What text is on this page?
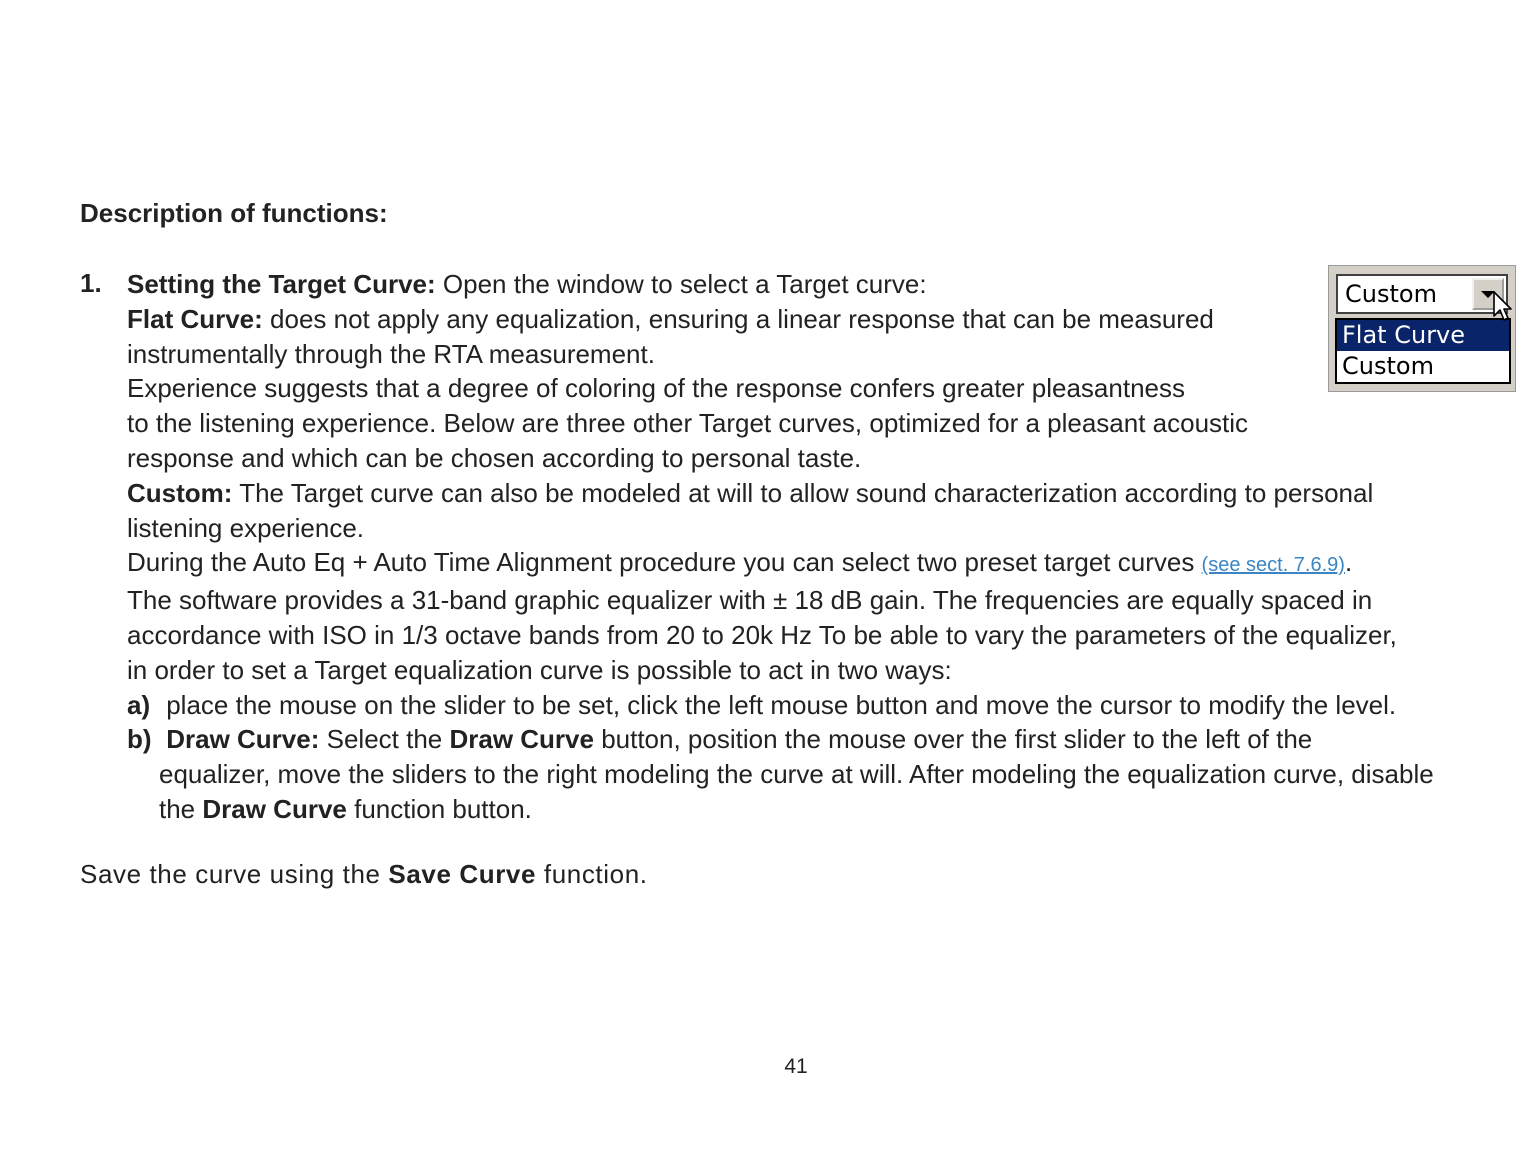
Description of functions:
1. Setting the Target Curve: Open the window to select a Target curve:
Flat Curve: does not apply any equalization, ensuring a linear response that can be measured
instrumentally through the RTA measurement.
Experience suggests that a degree of coloring of the response confers greater pleasantness
to the listening experience. Below are three other Target curves, optimized for a pleasant acoustic
response and which can be chosen according to personal taste.
Custom: The Target curve can also be modeled at will to allow sound characterization according to personal
listening experience.
During the Auto Eq + Auto Time Alignment procedure you can select two preset target curves (see sect. 7.6.9).
The software provides a 31-band graphic equalizer with ± 18 dB gain. The frequencies are equally spaced in
accordance with ISO in 1/3 octave bands from 20 to 20k Hz To be able to vary the parameters of the equalizer,
in order to set a Target equalization curve is possible to act in two ways:
a) place the mouse on the slider to be set, click the left mouse button and move the cursor to modify the level.
b) Draw Curve: Select the Draw Curve button, position the mouse over the first slider to the left of the
equalizer, move the sliders to the right modeling the curve at will. After modeling the equalization curve, disable
the Draw Curve function button.
Save the curve using the Save Curve function.
41
Custom
Flat Curve
Custom
